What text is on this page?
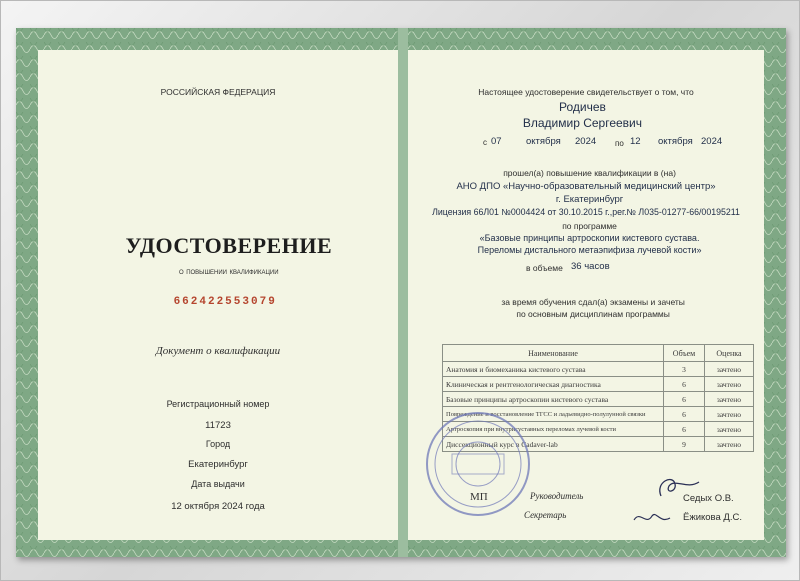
РОССИЙСКАЯ ФЕДЕРАЦИЯ
УДОСТОВЕРЕНИЕ
о повышении квалификации
662422553079
Документ о квалификации
Регистрационный номер
11723
Город
Екатеринбург
Дата выдачи
12 октября 2024 года
Настоящее удостоверение свидетельствует о том, что
Родичев
Владимир Сергеевич
с 07	октября 2024 по 12 октября 2024
прошел(а) повышение квалификации в (на)
АНО ДПО «Научно-образовательный медицинский центр»
г. Екатеринбург
Лицензия 66Л01 №0004424 от 30.10.2015 г.,рег.№ Л035-01277-66/00195211
по программе
«Базовые принципы артроскопии кистевого сустава.
Переломы дистального метаэпифиза лучевой кости»
в объеме 36 часов
за время обучения сдал(а) экзамены и зачеты
по основным дисциплинам программы
Наименование	Объем	Оценка
Анатомия и биомеханика кистевого сустава	3	зачтено
Клиническая и рентгенологическая диагностика	6	зачтено
Базовые принципы артроскопии кистевого сустава	6	зачтено
Повреждение и восстановление ТГСС и ладьевидно-полулунной связки	6	зачтено
Артроскопия при внутрисуставных переломах лучевой кости	6	зачтено
Диссекционный курс в Cadaver-lab	9	зачтено
МП	Руководитель	Седых О.В.
Секретарь	Ёжикова Д.С.
